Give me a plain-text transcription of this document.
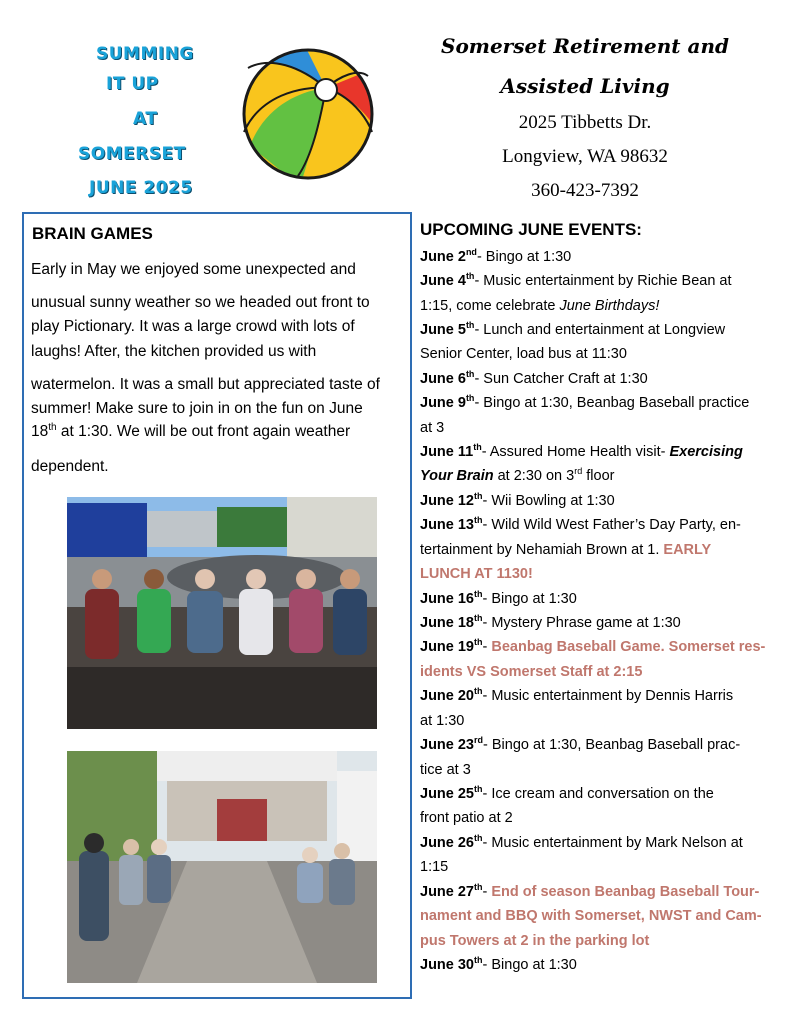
SUMMING
IT UP
AT
SOMERSET
JUNE 2025
Somerset Retirement and
Assisted Living
2025 Tibbetts Dr.
Longview, WA 98632
360-423-7392
BRAIN GAMES
Early in May we enjoyed some unexpected and
unusual sunny weather so we headed out front to
play Pictionary. It was a large crowd with lots of
laughs! After, the kitchen provided us with
watermelon. It was a small but appreciated taste of
summer! Make sure to join in on the fun on June
18th at 1:30. We will be out front again weather
dependent.
UPCOMING JUNE EVENTS:
June 2nd- Bingo at 1:30
June 4th- Music entertainment by Richie Bean at
1:15, come celebrate June Birthdays!
June 5th- Lunch and entertainment at Longview
Senior Center, load bus at 11:30
June 6th- Sun Catcher Craft at 1:30
June 9th- Bingo at 1:30, Beanbag Baseball practice
at 3
June 11th- Assured Home Health visit- Exercising
Your Brain at 2:30 on 3rd floor
June 12th- Wii Bowling at 1:30
June 13th- Wild Wild West Father’s Day Party, en-
tertainment by Nehamiah Brown at 1. EARLY
LUNCH AT 1130!
June 16th- Bingo at 1:30
June 18th- Mystery Phrase game at 1:30
June 19th- Beanbag Baseball Game. Somerset res-
idents VS Somerset Staff at 2:15
June 20th- Music entertainment by Dennis Harris
at 1:30
June 23rd- Bingo at 1:30, Beanbag Baseball prac-
tice at 3
June 25th- Ice cream and conversation on the
front patio at 2
June 26th- Music entertainment by Mark Nelson at
1:15
June 27th- End of season Beanbag Baseball Tour-
nament and BBQ with Somerset, NWST and Cam-
pus Towers at 2 in the parking lot
June 30th- Bingo at 1:30
